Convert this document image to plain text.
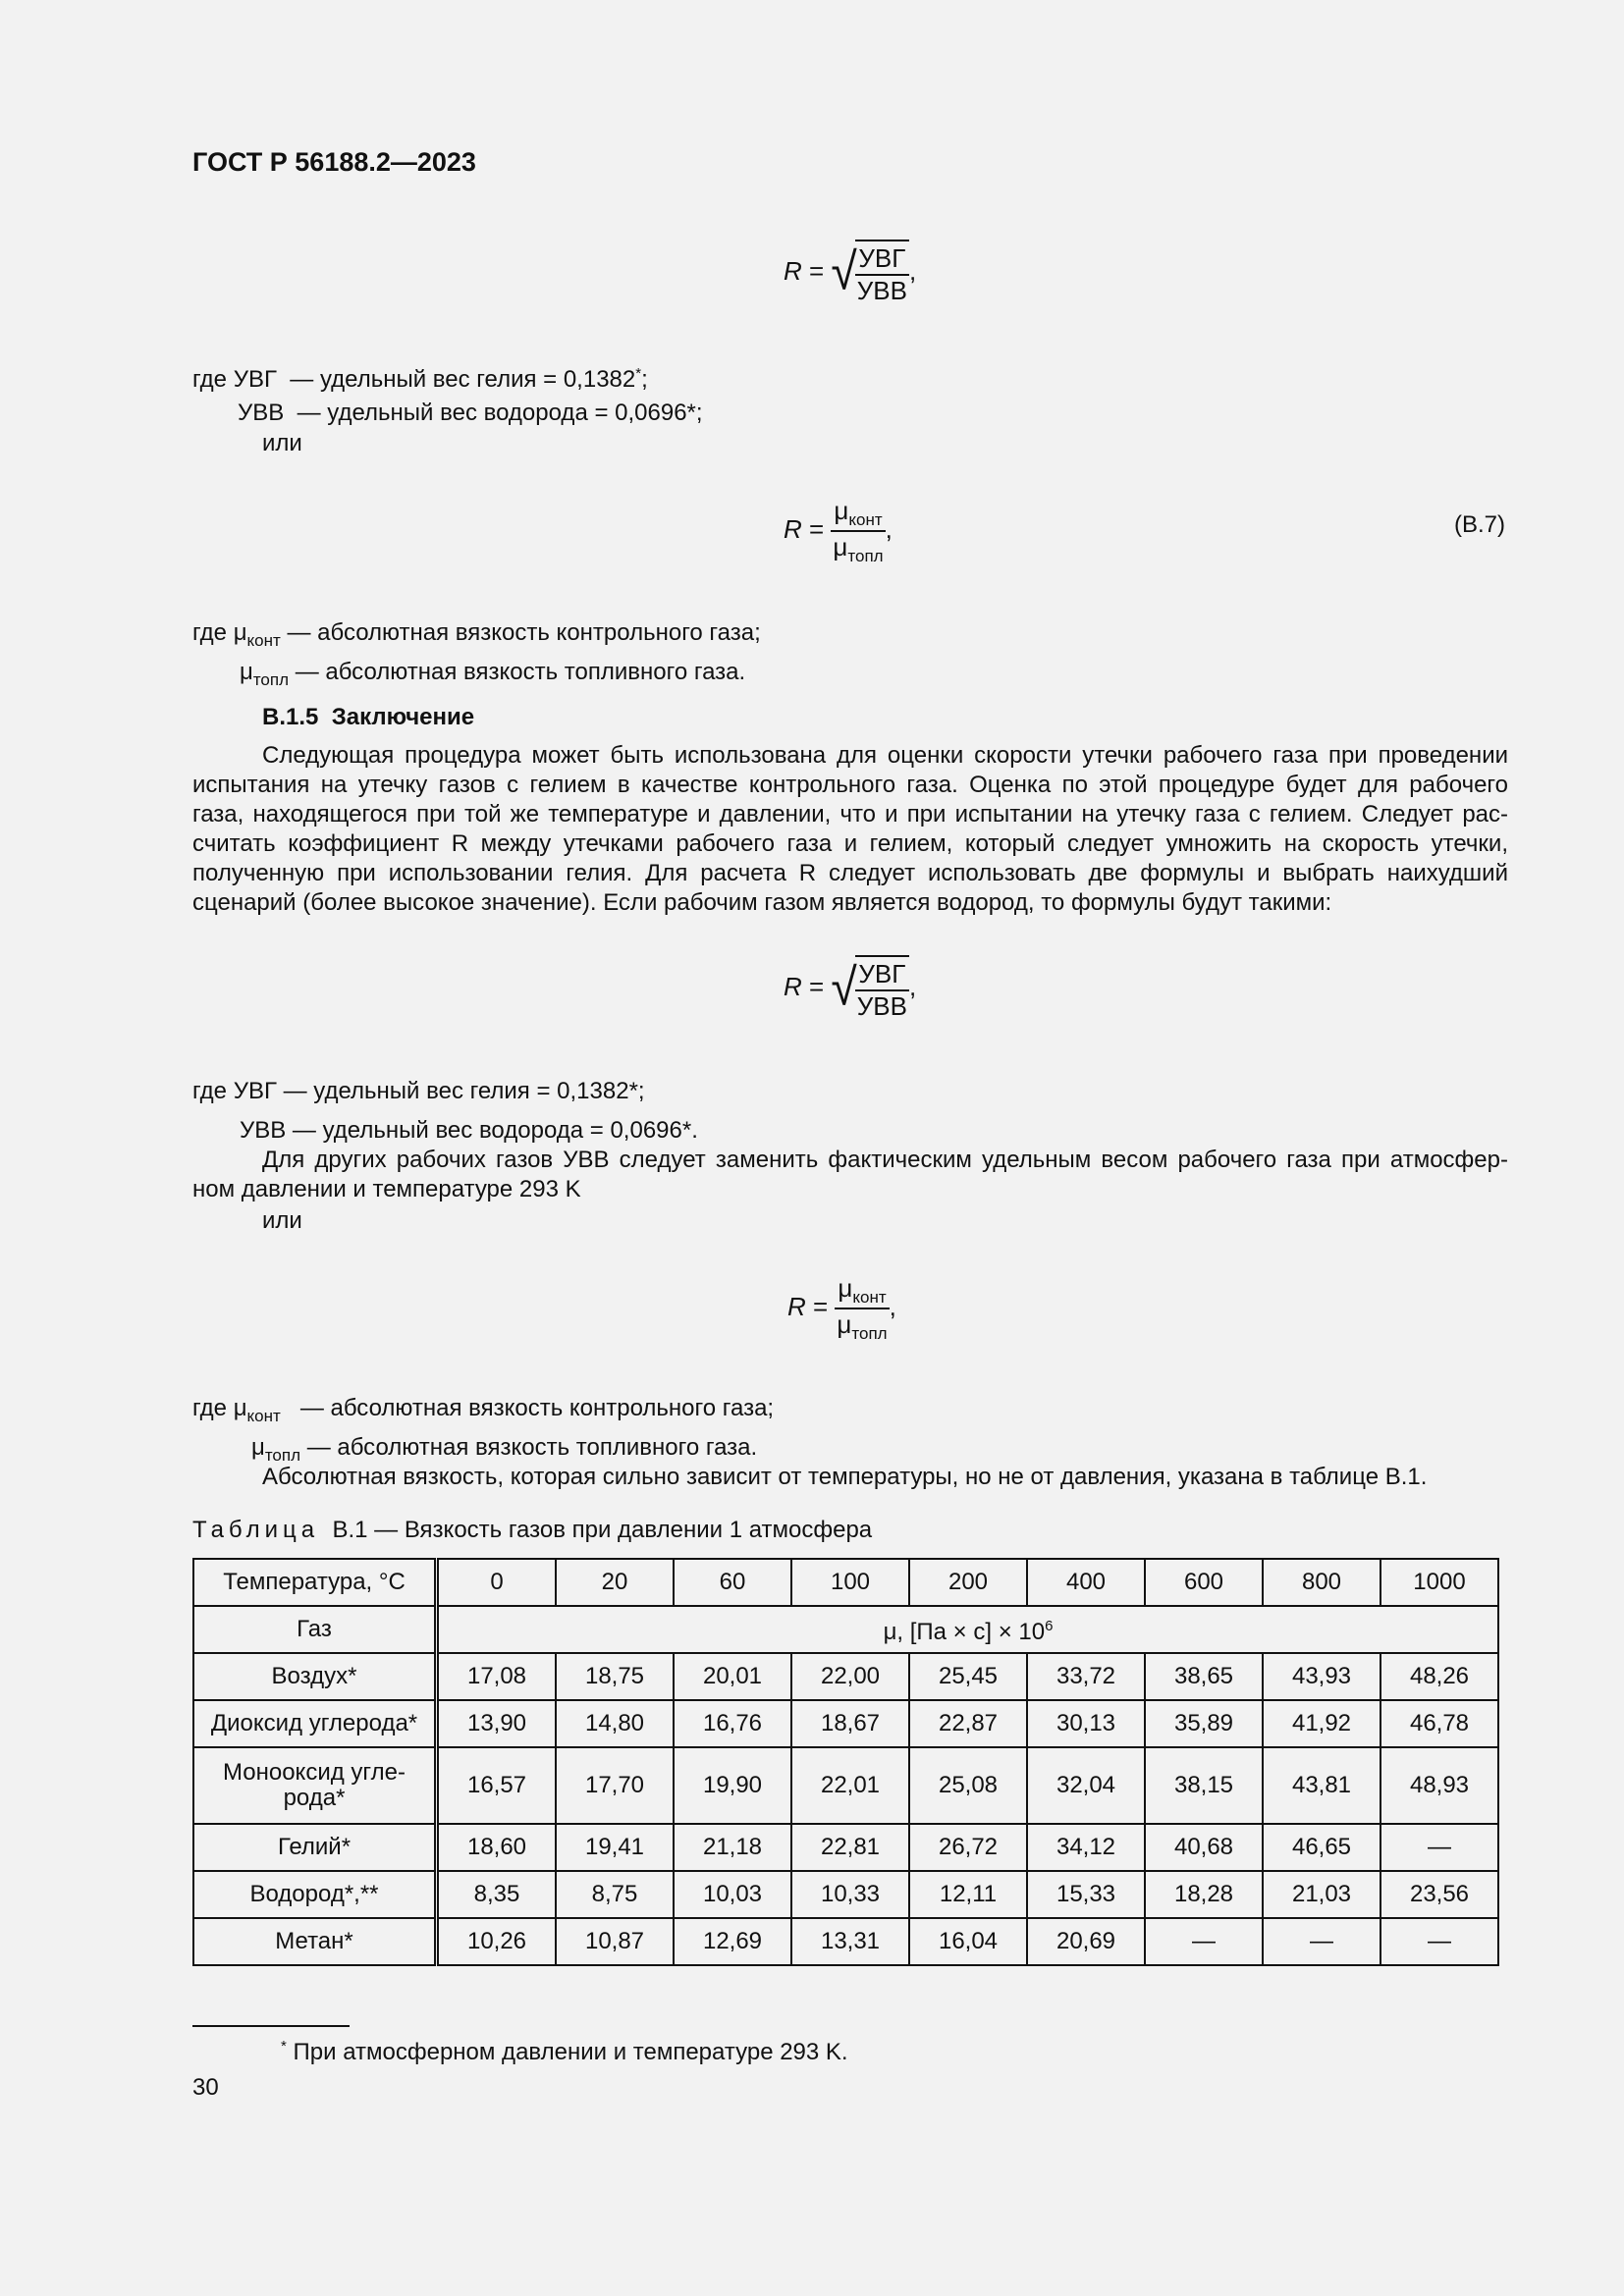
ГОСТ Р 56188.2—2023
R = √
$\frac{\text{УВГ}}{\text{УВВ}}$ ,
где УВГ  — удельный вес гелия = 0,1382*;
УВВ  — удельный вес водорода = 0,0696*;
или
$R = \frac{\mu_{конт}}{\mu_{топл}}$ ,	(В.7)
где $\mu_{конт}$ — абсолютная вязкость контрольного газа;
$\mu_{топл}$ — абсолютная вязкость топливного газа.
В.1.5 Заключение
Следующая процедура может быть использована для оценки скорости утечки рабочего газа при проведении
испытания на утечку газов с гелием в качестве контрольного газа. Оценка по этой процедуре будет для рабочего
газа, находящегося при той же температуре и давлении, что и при испытании на утечку газа с гелием. Следует рас-
считать коэффициент R между утечками рабочего газа и гелием, который следует умножить на скорость утечки,
полученную при использовании гелия. Для расчета R следует использовать две формулы и выбрать наихудший
сценарий (более высокое значение). Если рабочим газом является водород, то формулы будут такими:
R = √
$\frac{\text{УВГ}}{\text{УВВ}}$ ,
где УВГ — удельный вес гелия = 0,1382*;
УВВ — удельный вес водорода = 0,0696*.
Для других рабочих газов УВВ следует заменить фактическим удельным весом рабочего газа при атмосфер-
ном давлении и температуре 293 K
или
$R = \frac{\mu_{конт}}{\mu_{топл}}$ ,
где $\mu_{конт}$ — абсолютная вязкость контрольного газа;
$\mu_{топл}$ — абсолютная вязкость топливного газа.
Абсолютная вязкость, которая сильно зависит от температуры, но не от давления, указана в таблице В.1.
Таблица В.1 — Вязкость газов при давлении 1 атмосфера
Температура, °С	0	20	60	100	200	400	600	800	1000
Газ	μ, $[Па \times с] \times 10^6$
Воздух*	17,08	18,75	20,01	22,00	25,45	33,72	38,65	43,93	48,26
Диоксид углерода*	13,90	14,80	16,76	18,67	22,87	30,13	35,89	41,92	46,78
Монооксид угле-
рода*	16,57	17,70	19,90	22,01	25,08	32,04	38,15	43,81	48,93
Гелий*	18,60	19,41	21,18	22,81	26,72	34,12	40,68	46,65	—
Водород*,**	8,35	8,75	10,03	10,33	12,11	15,33	18,28	21,03	23,56
Метан*	10,26	10,87	12,69	13,31	16,04	20,69	—	—	—
* При атмосферном давлении и температуре 293 K.
30
